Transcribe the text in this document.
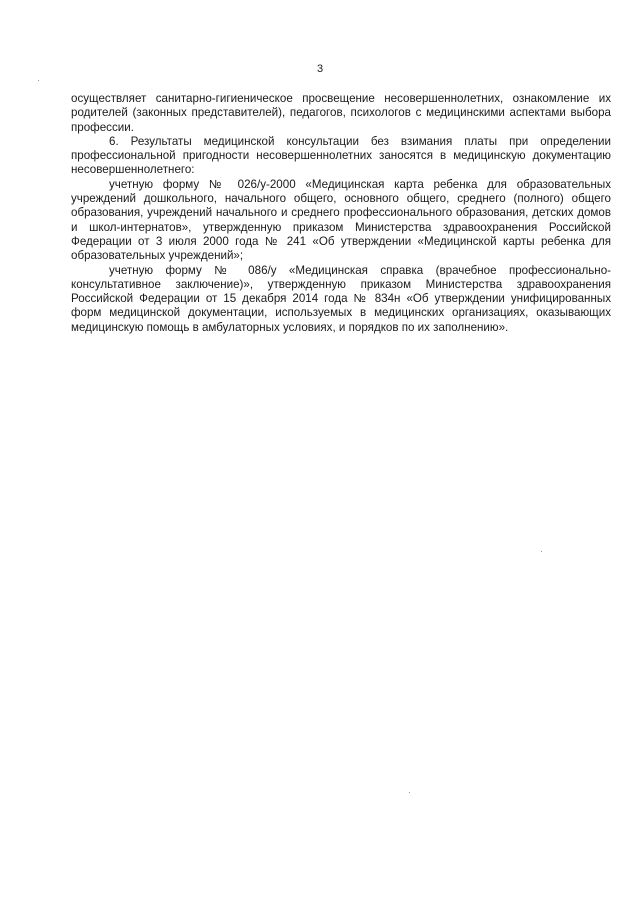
3

осуществляет санитарно-гигиеническое просвещение несовершеннолетних, ознакомление их родителей (законных представителей), педагогов, психологов с медицинскими аспектами выбора профессии.

6. Результаты медицинской консультации без взимания платы при определении профессиональной пригодности несовершеннолетних заносятся в медицинскую документацию несовершеннолетнего:

учетную форму № 026/у-2000 «Медицинская карта ребенка для образовательных учреждений дошкольного, начального общего, основного общего, среднего (полного) общего образования, учреждений начального и среднего профессионального образования, детских домов и школ-интернатов», утвержденную приказом Министерства здравоохранения Российской Федерации от 3 июля 2000 года № 241 «Об утверждении «Медицинской карты ребенка для образовательных учреждений»;

учетную форму № 086/у «Медицинская справка (врачебное профессионально-консультативное заключение)», утвержденную приказом Министерства здравоохранения Российской Федерации от 15 декабря 2014 года № 834н «Об утверждении унифицированных форм медицинской документации, используемых в медицинских организациях, оказывающих медицинскую помощь в амбулаторных условиях, и порядков по их заполнению».
